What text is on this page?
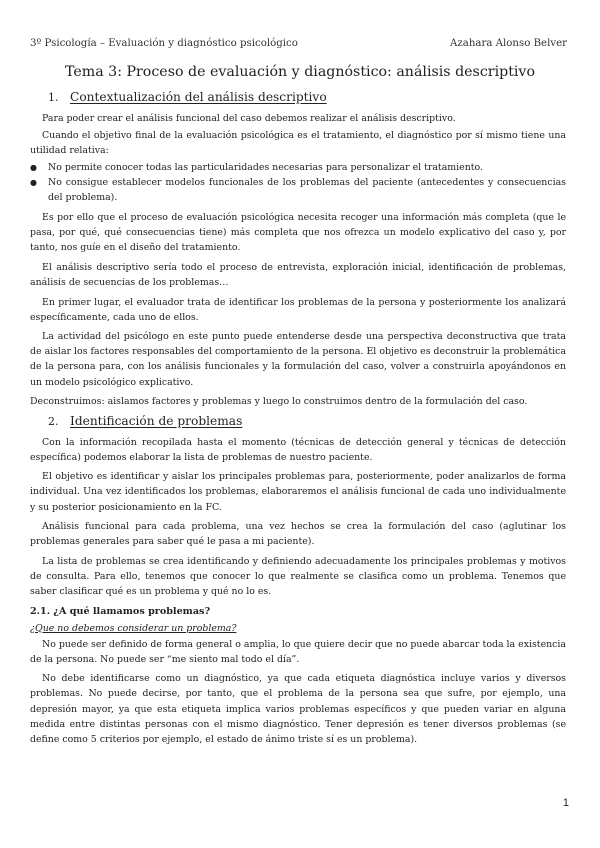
3º Psicología – Evaluación y diagnóstico psicológico	Azahara Alonso Belver
Tema 3: Proceso de evaluación y diagnóstico: análisis descriptivo
1. Contextualización del análisis descriptivo

Para poder crear el análisis funcional del caso debemos realizar el análisis descriptivo.

Cuando el objetivo final de la evaluación psicológica es el tratamiento, el diagnóstico por sí mismo tiene una utilidad relativa:

● No permite conocer todas las particularidades necesarias para personalizar el tratamiento.
● No consigue establecer modelos funcionales de los problemas del paciente (antecedentes y consecuencias del problema).

Es por ello que el proceso de evaluación psicológica necesita recoger una información más completa (que le pasa, por qué, qué consecuencias tiene) más completa que nos ofrezca un modelo explicativo del caso y, por tanto, nos guíe en el diseño del tratamiento.

El análisis descriptivo sería todo el proceso de entrevista, exploración inicial, identificación de problemas, análisis de secuencias de los problemas…

En primer lugar, el evaluador trata de identificar los problemas de la persona y posteriormente los analizará específicamente, cada uno de ellos.

La actividad del psicólogo en este punto puede entenderse desde una perspectiva deconstructiva que trata de aislar los factores responsables del comportamiento de la persona. El objetivo es deconstruir la problemática de la persona para, con los análisis funcionales y la formulación del caso, volver a construirla apoyándonos en un modelo psicológico explicativo.

Deconstruimos: aislamos factores y problemas y luego lo construimos dentro de la formulación del caso.

2. Identificación de problemas

Con la información recopilada hasta el momento (técnicas de detección general y técnicas de detección específica) podemos elaborar la lista de problemas de nuestro paciente.

El objetivo es identificar y aislar los principales problemas para, posteriormente, poder analizarlos de forma individual. Una vez identificados los problemas, elaboraremos el análisis funcional de cada uno individualmente y su posterior posicionamiento en la FC.

Análisis funcional para cada problema, una vez hechos se crea la formulación del caso (aglutinar los problemas generales para saber qué le pasa a mi paciente).

La lista de problemas se crea identificando y definiendo adecuadamente los principales problemas y motivos de consulta. Para ello, tenemos que conocer lo que realmente se clasifica como un problema. Tenemos que saber clasificar qué es un problema y qué no lo es.

2.1. ¿A qué llamamos problemas?
¿Que no debemos considerar un problema?

No puede ser definido de forma general o amplia, lo que quiere decir que no puede abarcar toda la existencia de la persona. No puede ser “me siento mal todo el día”.

No debe identificarse como un diagnóstico, ya que cada etiqueta diagnóstica incluye varios y diversos problemas. No puede decirse, por tanto, que el problema de la persona sea que sufre, por ejemplo, una depresión mayor, ya que esta etiqueta implica varios problemas específicos y que pueden variar en alguna medida entre distintas personas con el mismo diagnóstico. Tener depresión es tener diversos problemas (se define como 5 criterios por ejemplo, el estado de ánimo triste sí es un problema).

1
